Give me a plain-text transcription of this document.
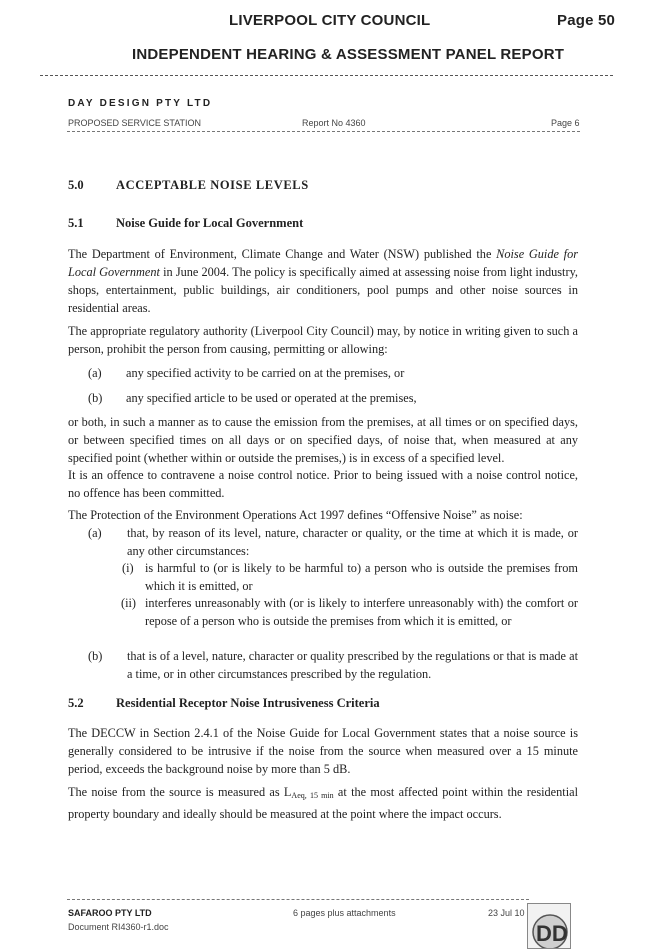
LIVERPOOL CITY COUNCIL	Page 50
INDEPENDENT HEARING & ASSESSMENT PANEL REPORT
DAY DESIGN PTY LTD
PROPOSED SERVICE STATION	Report No 4360	Page 6
5.0	ACCEPTABLE NOISE LEVELS
5.1	Noise Guide for Local Government
The Department of Environment, Climate Change and Water (NSW) published the Noise Guide for Local Government in June 2004. The policy is specifically aimed at assessing noise from light industry, shops, entertainment, public buildings, air conditioners, pool pumps and other noise sources in residential areas.
The appropriate regulatory authority (Liverpool City Council) may, by notice in writing given to such a person, prohibit the person from causing, permitting or allowing:
(a) any specified activity to be carried on at the premises, or
(b) any specified article to be used or operated at the premises,
or both, in such a manner as to cause the emission from the premises, at all times or on specified days, or between specified times on all days or on specified days, of noise that, when measured at any specified point (whether within or outside the premises,) is in excess of a specified level.
It is an offence to contravene a noise control notice. Prior to being issued with a noise control notice, no offence has been committed.
The Protection of the Environment Operations Act 1997 defines “Offensive Noise” as noise:
(a) that, by reason of its level, nature, character or quality, or the time at which it is made, or any other circumstances:
(i) is harmful to (or is likely to be harmful to) a person who is outside the premises from which it is emitted, or
(ii) interferes unreasonably with (or is likely to interfere unreasonably with) the comfort or repose of a person who is outside the premises from which it is emitted, or
(b) that is of a level, nature, character or quality prescribed by the regulations or that is made at a time, or in other circumstances prescribed by the regulation.
5.2	Residential Receptor Noise Intrusiveness Criteria
The DECCW in Section 2.4.1 of the Noise Guide for Local Government states that a noise source is generally considered to be intrusive if the noise from the source when measured over a 15 minute period, exceeds the background noise by more than 5 dB.
The noise from the source is measured as $L_{Aeq, 15 min}$ at the most affected point within the residential property boundary and ideally should be measured at the point where the impact occurs.
SAFAROO PTY LTD
Document RI4360-r1.doc
6 pages plus attachments	23 Jul 10
DD
